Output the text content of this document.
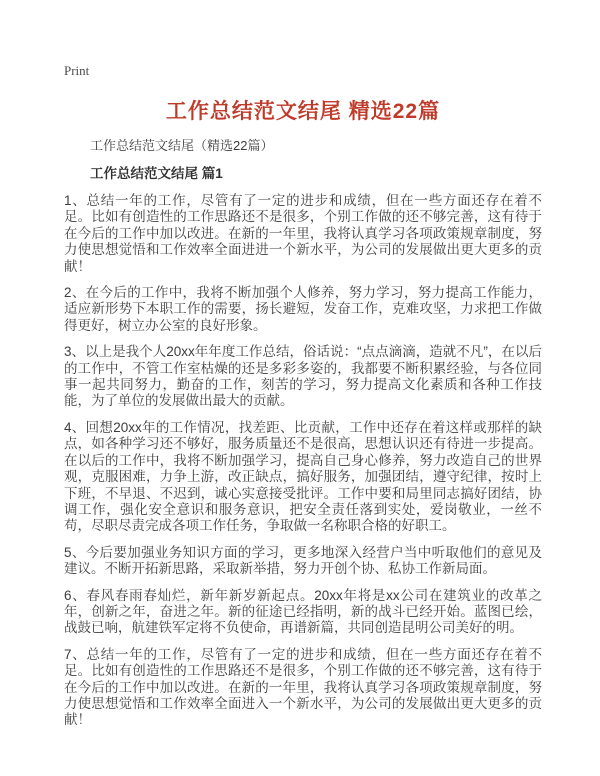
Print
工作总结范文结尾 精选22篇
工作总结范文结尾（精选22篇）
工作总结范文结尾 篇1

1、总结一年的工作，尽管有了一定的进步和成绩，但在一些方面还存在着不足。比如有创造性的工作思路还不是很多，个别工作做的还不够完善，这有待于在今后的工作中加以改进。在新的一年里，我将认真学习各项政策规章制度，努力使思想觉悟和工作效率全面进进一个新水平，为公司的发展做出更大更多的贡献！

2、在今后的工作中，我将不断加强个人修养，努力学习，努力提高工作能力，适应新形势下本职工作的需要，扬长避短，发奋工作，克难攻坚，力求把工作做得更好，树立办公室的良好形象。

3、以上是我个人20xx年年度工作总结，俗话说：“点点滴滴，造就不凡”，在以后的工作中，不管工作室枯燥的还是多彩多姿的，我都要不断积累经验，与各位同事一起共同努力，勤奋的工作，刻苦的学习，努力提高文化素质和各种工作技能，为了单位的发展做出最大的贡献。

4、回想20xx年的工作情况，找差距、比贡献，工作中还存在着这样或那样的缺点，如各种学习还不够好，服务质量还不是很高，思想认识还有待进一步提高。在以后的工作中，我将不断加强学习，提高自己身心修养，努力改造自己的世界观，克服困难，力争上游，改正缺点，搞好服务，加强团结，遵守纪律，按时上下班，不早退、不迟到，诚心实意接受批评。工作中要和局里同志搞好团结，协调工作，强化安全意识和服务意识，把安全责任落到实处，爱岗敬业，一丝不苟，尽职尽责完成各项工作任务，争取做一名称职合格的好职工。

5、今后要加强业务知识方面的学习，更多地深入经营户当中听取他们的意见及建议。不断开拓新思路，采取新举措，努力开创个协、私协工作新局面。

6、春风春雨春灿烂，新年新岁新起点。20xx年将是xx公司在建筑业的改革之年，创新之年，奋进之年。新的征途已经指明，新的战斗已经开始。蓝图已绘，战鼓已响，航建铁军定将不负使命，再谱新篇，共同创造昆明公司美好的明。

7、总结一年的工作，尽管有了一定的进步和成绩，但在一些方面还存在着不足。比如有创造性的工作思路还不是很多，个别工作做的还不够完善，这有待于在今后的工作中加以改进。在新的一年里，我将认真学习各项政策规章制度，努力使思想觉悟和工作效率全面进入一个新水平，为公司的发展做出更大更多的贡献！
